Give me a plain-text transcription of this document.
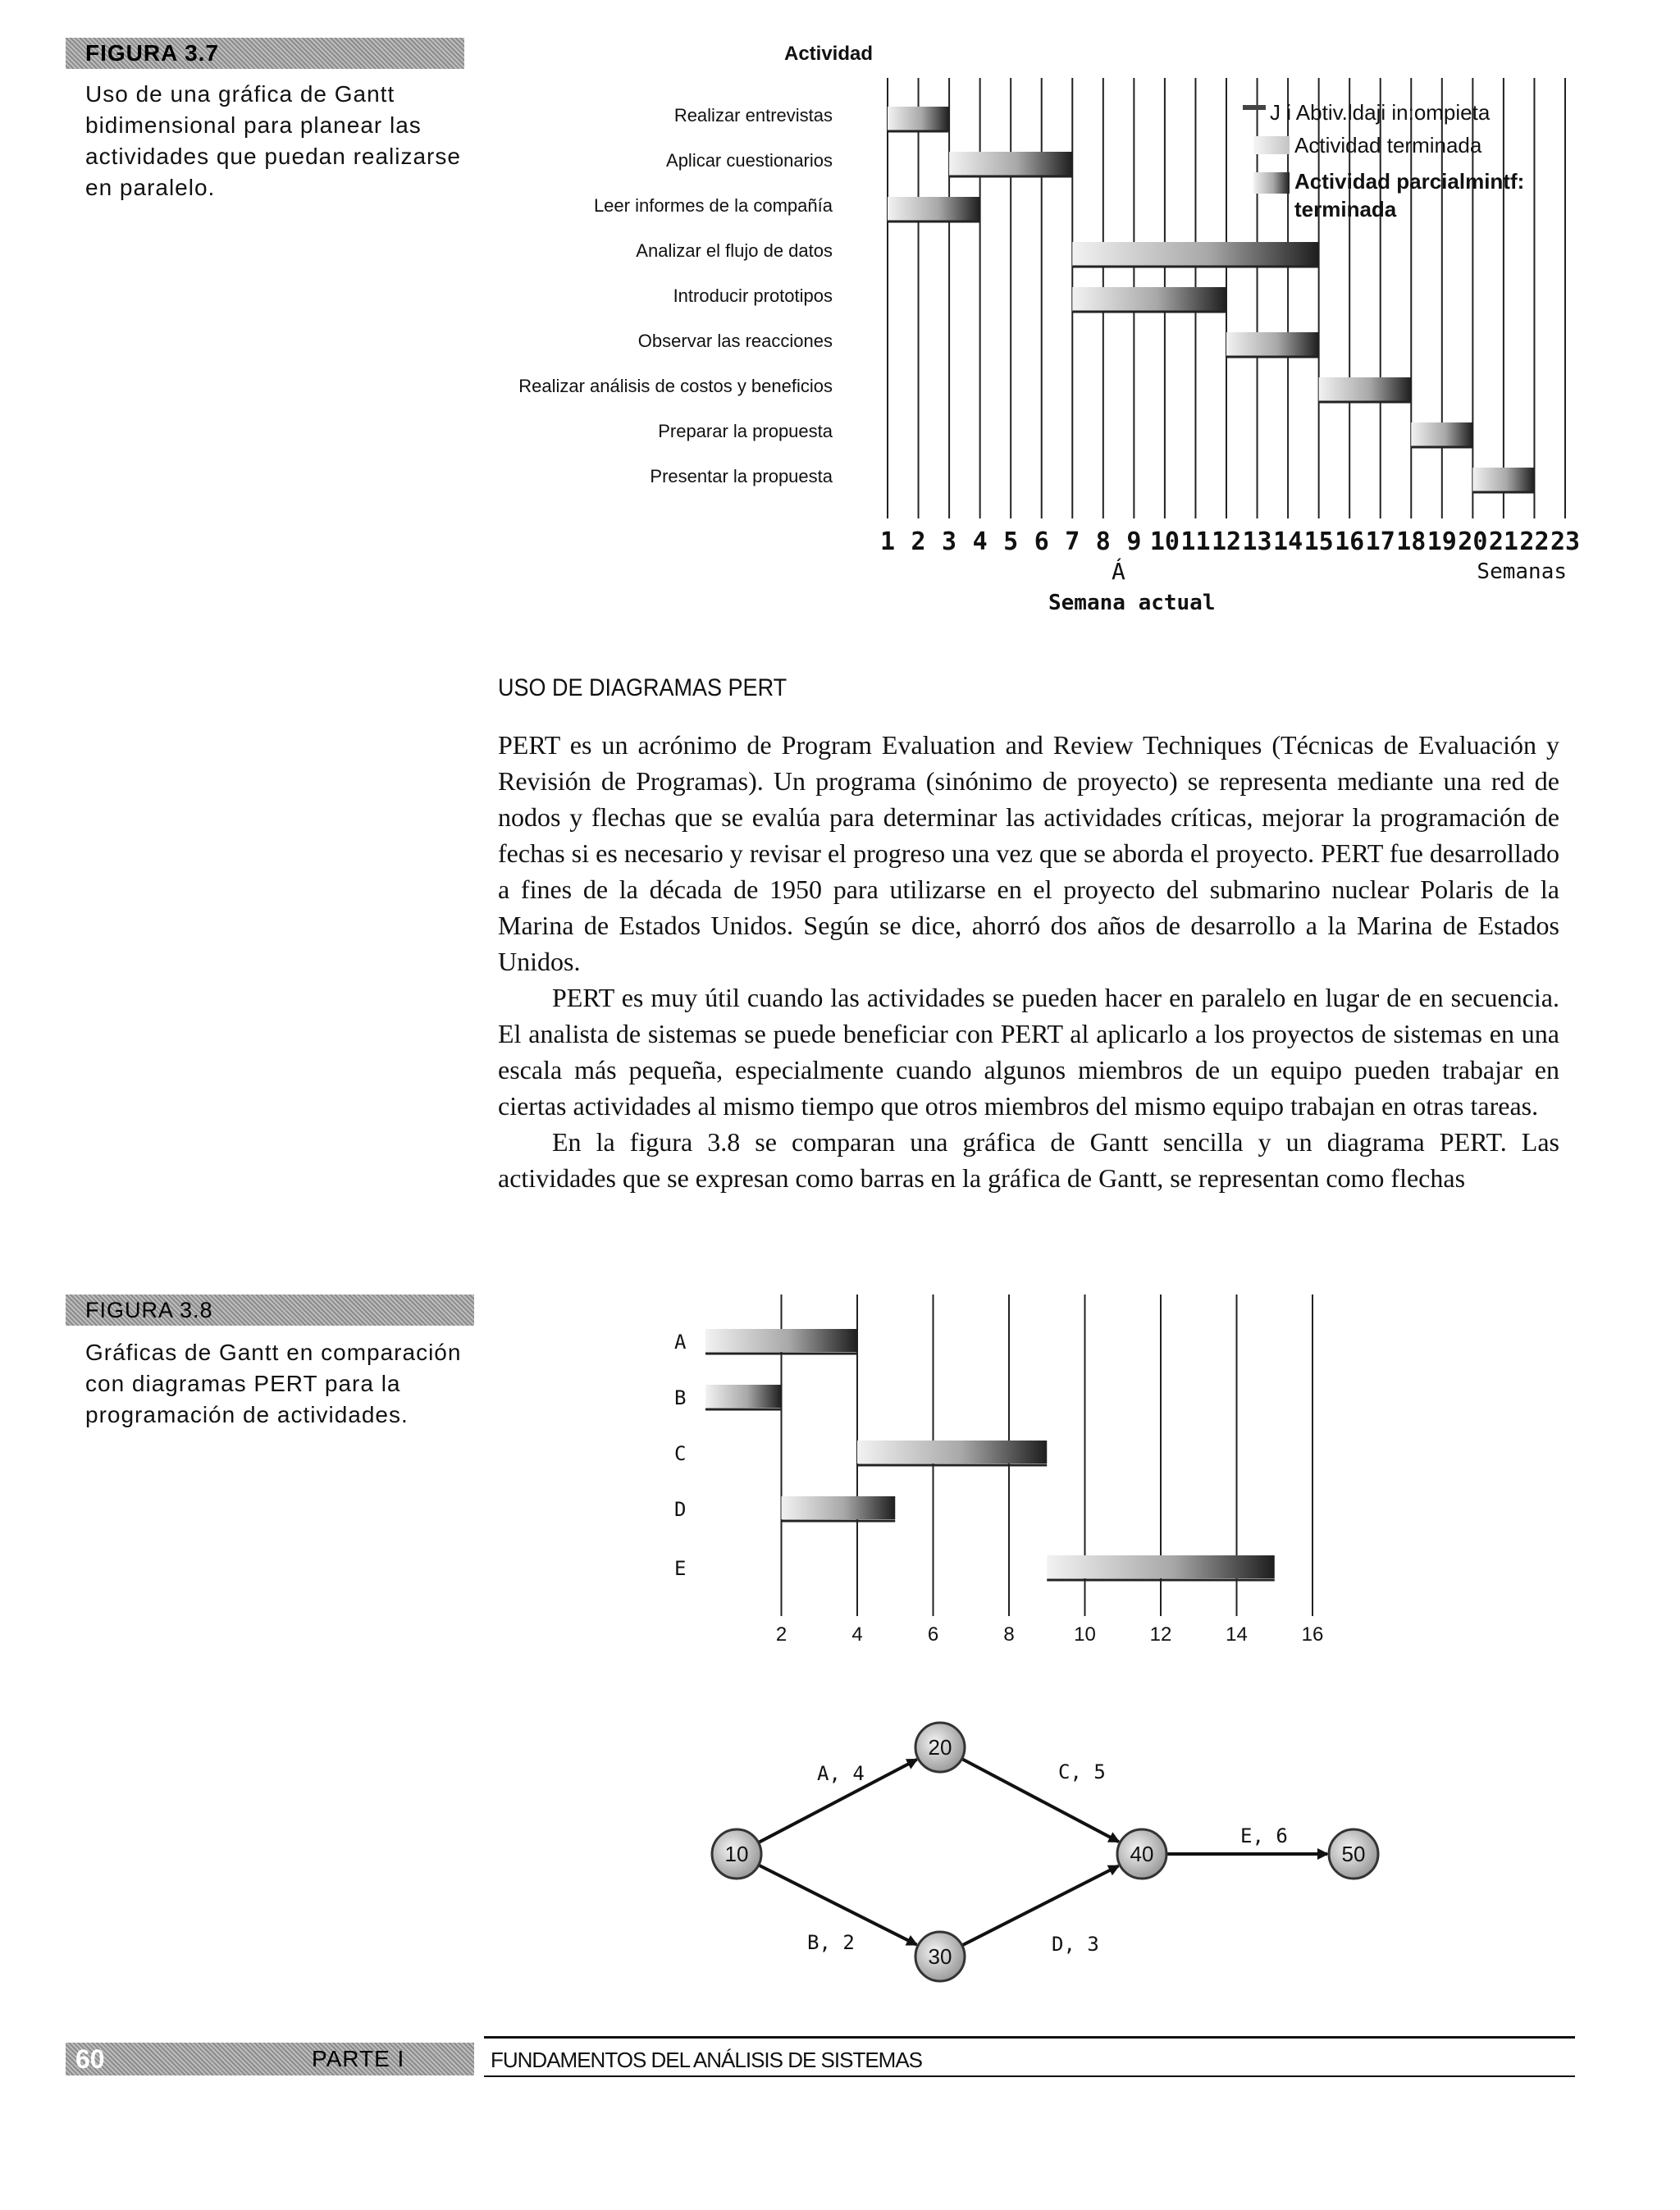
FIGURA 3.7
Uso de una gráfica de Gantt bidimensional para planear las actividades que puedan realizarse en paralelo.
Actividad
Realizar entrevistas
Aplicar cuestionarios
Leer informes de la compañía
Analizar el flujo de datos
Introducir prototipos
Observar las reacciones
Realizar análisis de costos y beneficios
Preparar la propuesta
Presentar la propuesta
1 2 3 4 5 6 7 8 9 10 11 12 13 14 15 16 17 18 19 20 21 22 23
J i Abtiv.ldaji in:ompieta
Actividad terminada
Actividad parcialmintf:
terminada
Semanas
Á
Semana actual
USO DE DIAGRAMAS PERT

PERT es un acrónimo de Program Evaluation and Review Techniques (Técnicas de Evaluación y Revisión de Programas). Un programa (sinónimo de proyecto) se representa mediante una red de nodos y flechas que se evalúa para determinar las actividades críticas, mejorar la programación de fechas si es necesario y revisar el progreso una vez que se aborda el proyecto. PERT fue desarrollado a fines de la década de 1950 para utilizarse en el proyecto del submarino nuclear Polaris de la Marina de Estados Unidos. Según se dice, ahorró dos años de desarrollo a la Marina de Estados Unidos.

PERT es muy útil cuando las actividades se pueden hacer en paralelo en lugar de en secuencia. El analista de sistemas se puede beneficiar con PERT al aplicarlo a los proyectos de sistemas en una escala más pequeña, especialmente cuando algunos miembros de un equipo pueden trabajar en ciertas actividades al mismo tiempo que otros miembros del mismo equipo trabajan en otras tareas.

En la figura 3.8 se comparan una gráfica de Gantt sencilla y un diagrama PERT. Las actividades que se expresan como barras en la gráfica de Gantt, se representan como flechas

FIGURA 3.8
Gráficas de Gantt en comparación con diagramas PERT para la programación de actividades.
2	4	6	8	10	12	14	16
A
B
C
D
E
A, 4
B, 2
C, 5
D, 3
E, 6
10
20
30
40	50
60	PARTE I	FUNDAMENTOS DEL ANÁLISIS DE SISTEMAS
